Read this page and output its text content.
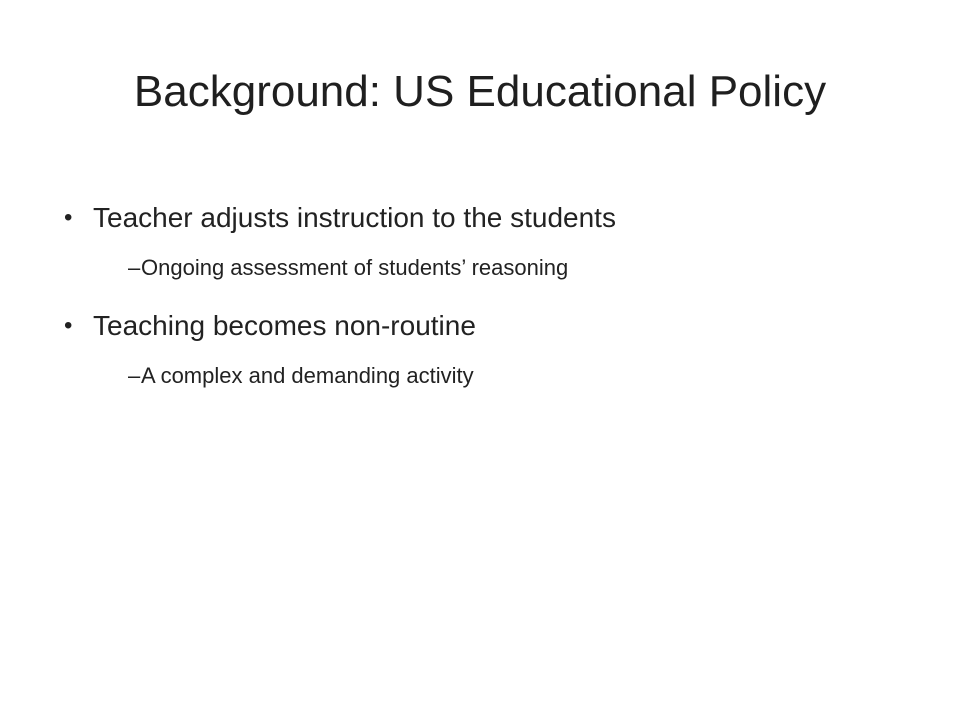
Background: US Educational Policy
• Teacher adjusts instruction to the students
– Ongoing assessment of students’ reasoning
• Teaching becomes non-routine
– A complex and demanding activity
